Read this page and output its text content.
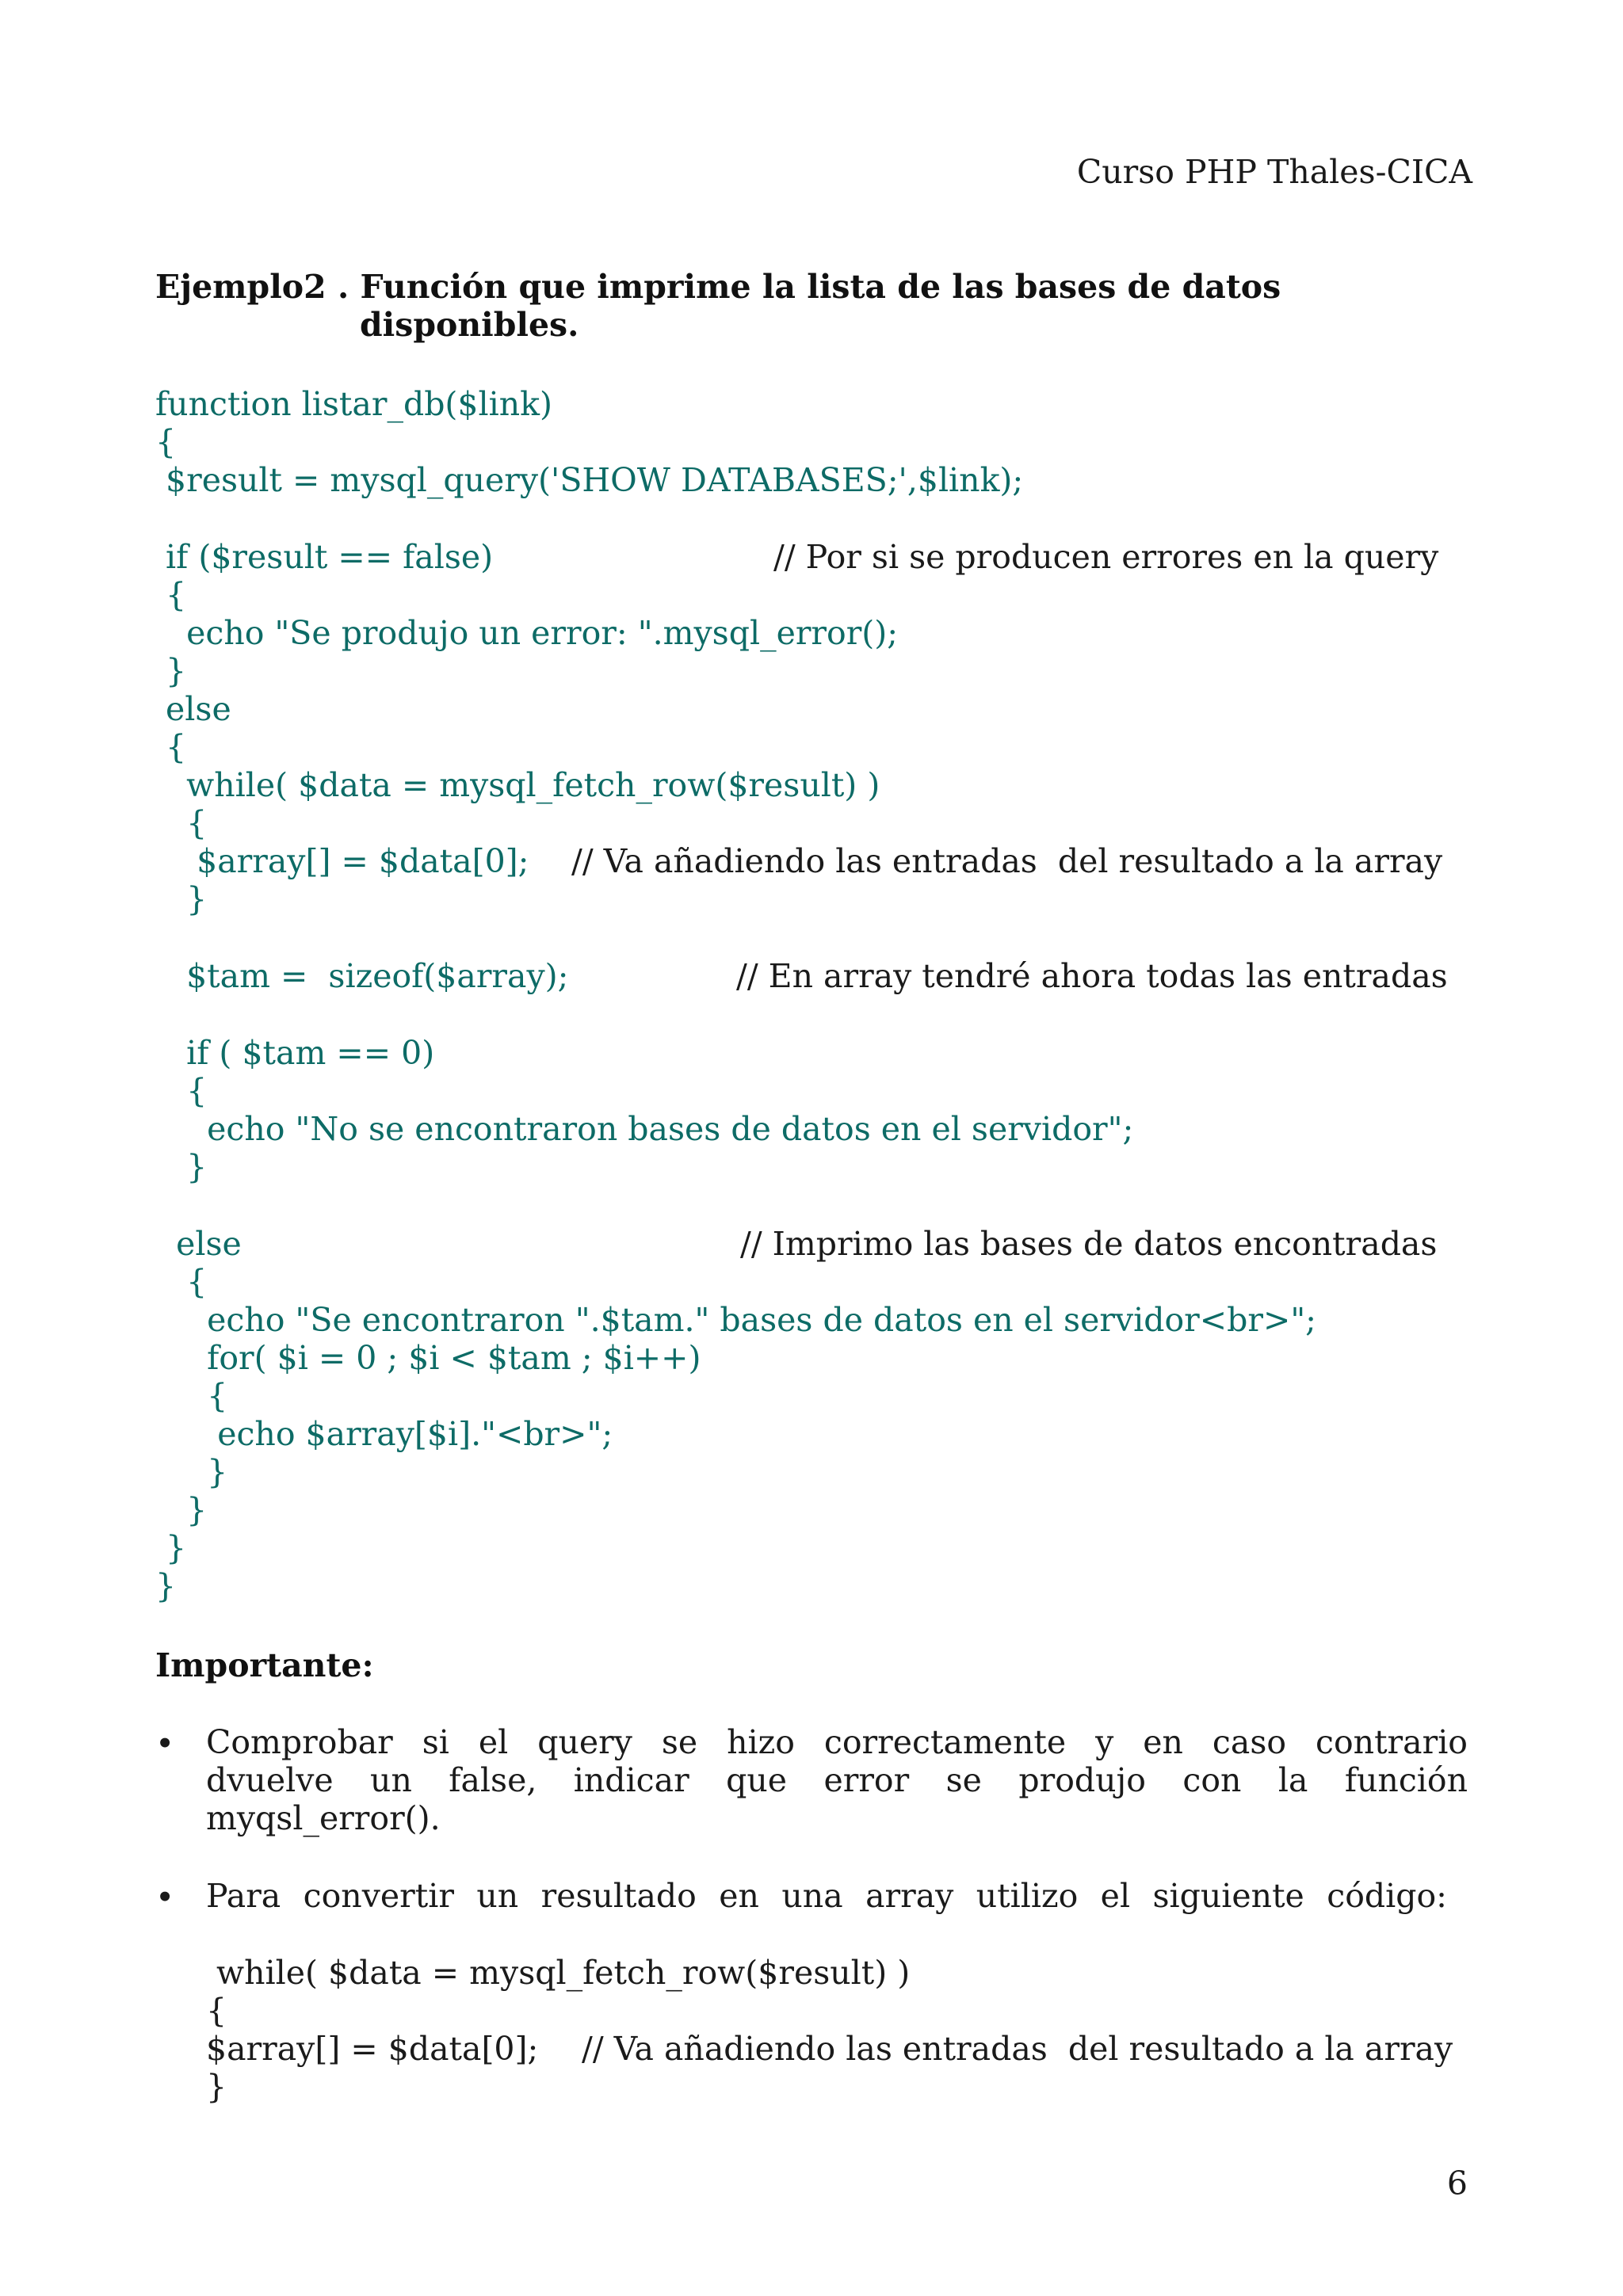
Curso PHP Thales-CICA
Ejemplo2 . Función que imprime la lista de las bases de datos
disponibles.
function listar_db($link)
{
$result = mysql_query('SHOW DATABASES;',$link);
if ($result == false)	// Por si se producen errores en la query
{
echo "Se produjo un error: ".mysql_error();
}
else
{
while( $data = mysql_fetch_row($result) )
{
$array[] = $data[0]; // Va añadiendo las entradas  del resultado a la array
}
$tam =  sizeof($array);	// En array tendré ahora todas las entradas
if ( $tam == 0)
{
echo "No se encontraron bases de datos en el servidor";
}
else	// Imprimo las bases de datos encontradas
{
echo "Se encontraron ".$tam." bases de datos en el servidor<br>";
for( $i = 0 ; $i < $tam ; $i++)
{
echo $array[$i]."<br>";
}
}
}
}
Importante:
• Comprobar si el query se hizo correctamente y en caso contrario
dvuelve un false, indicar que error se produjo con la función
myqsl_error().
• Para convertir un resultado en una array utilizo el siguiente código:
while( $data = mysql_fetch_row($result) )
{
$array[] = $data[0]; // Va añadiendo las entradas  del resultado a la array
}
6
